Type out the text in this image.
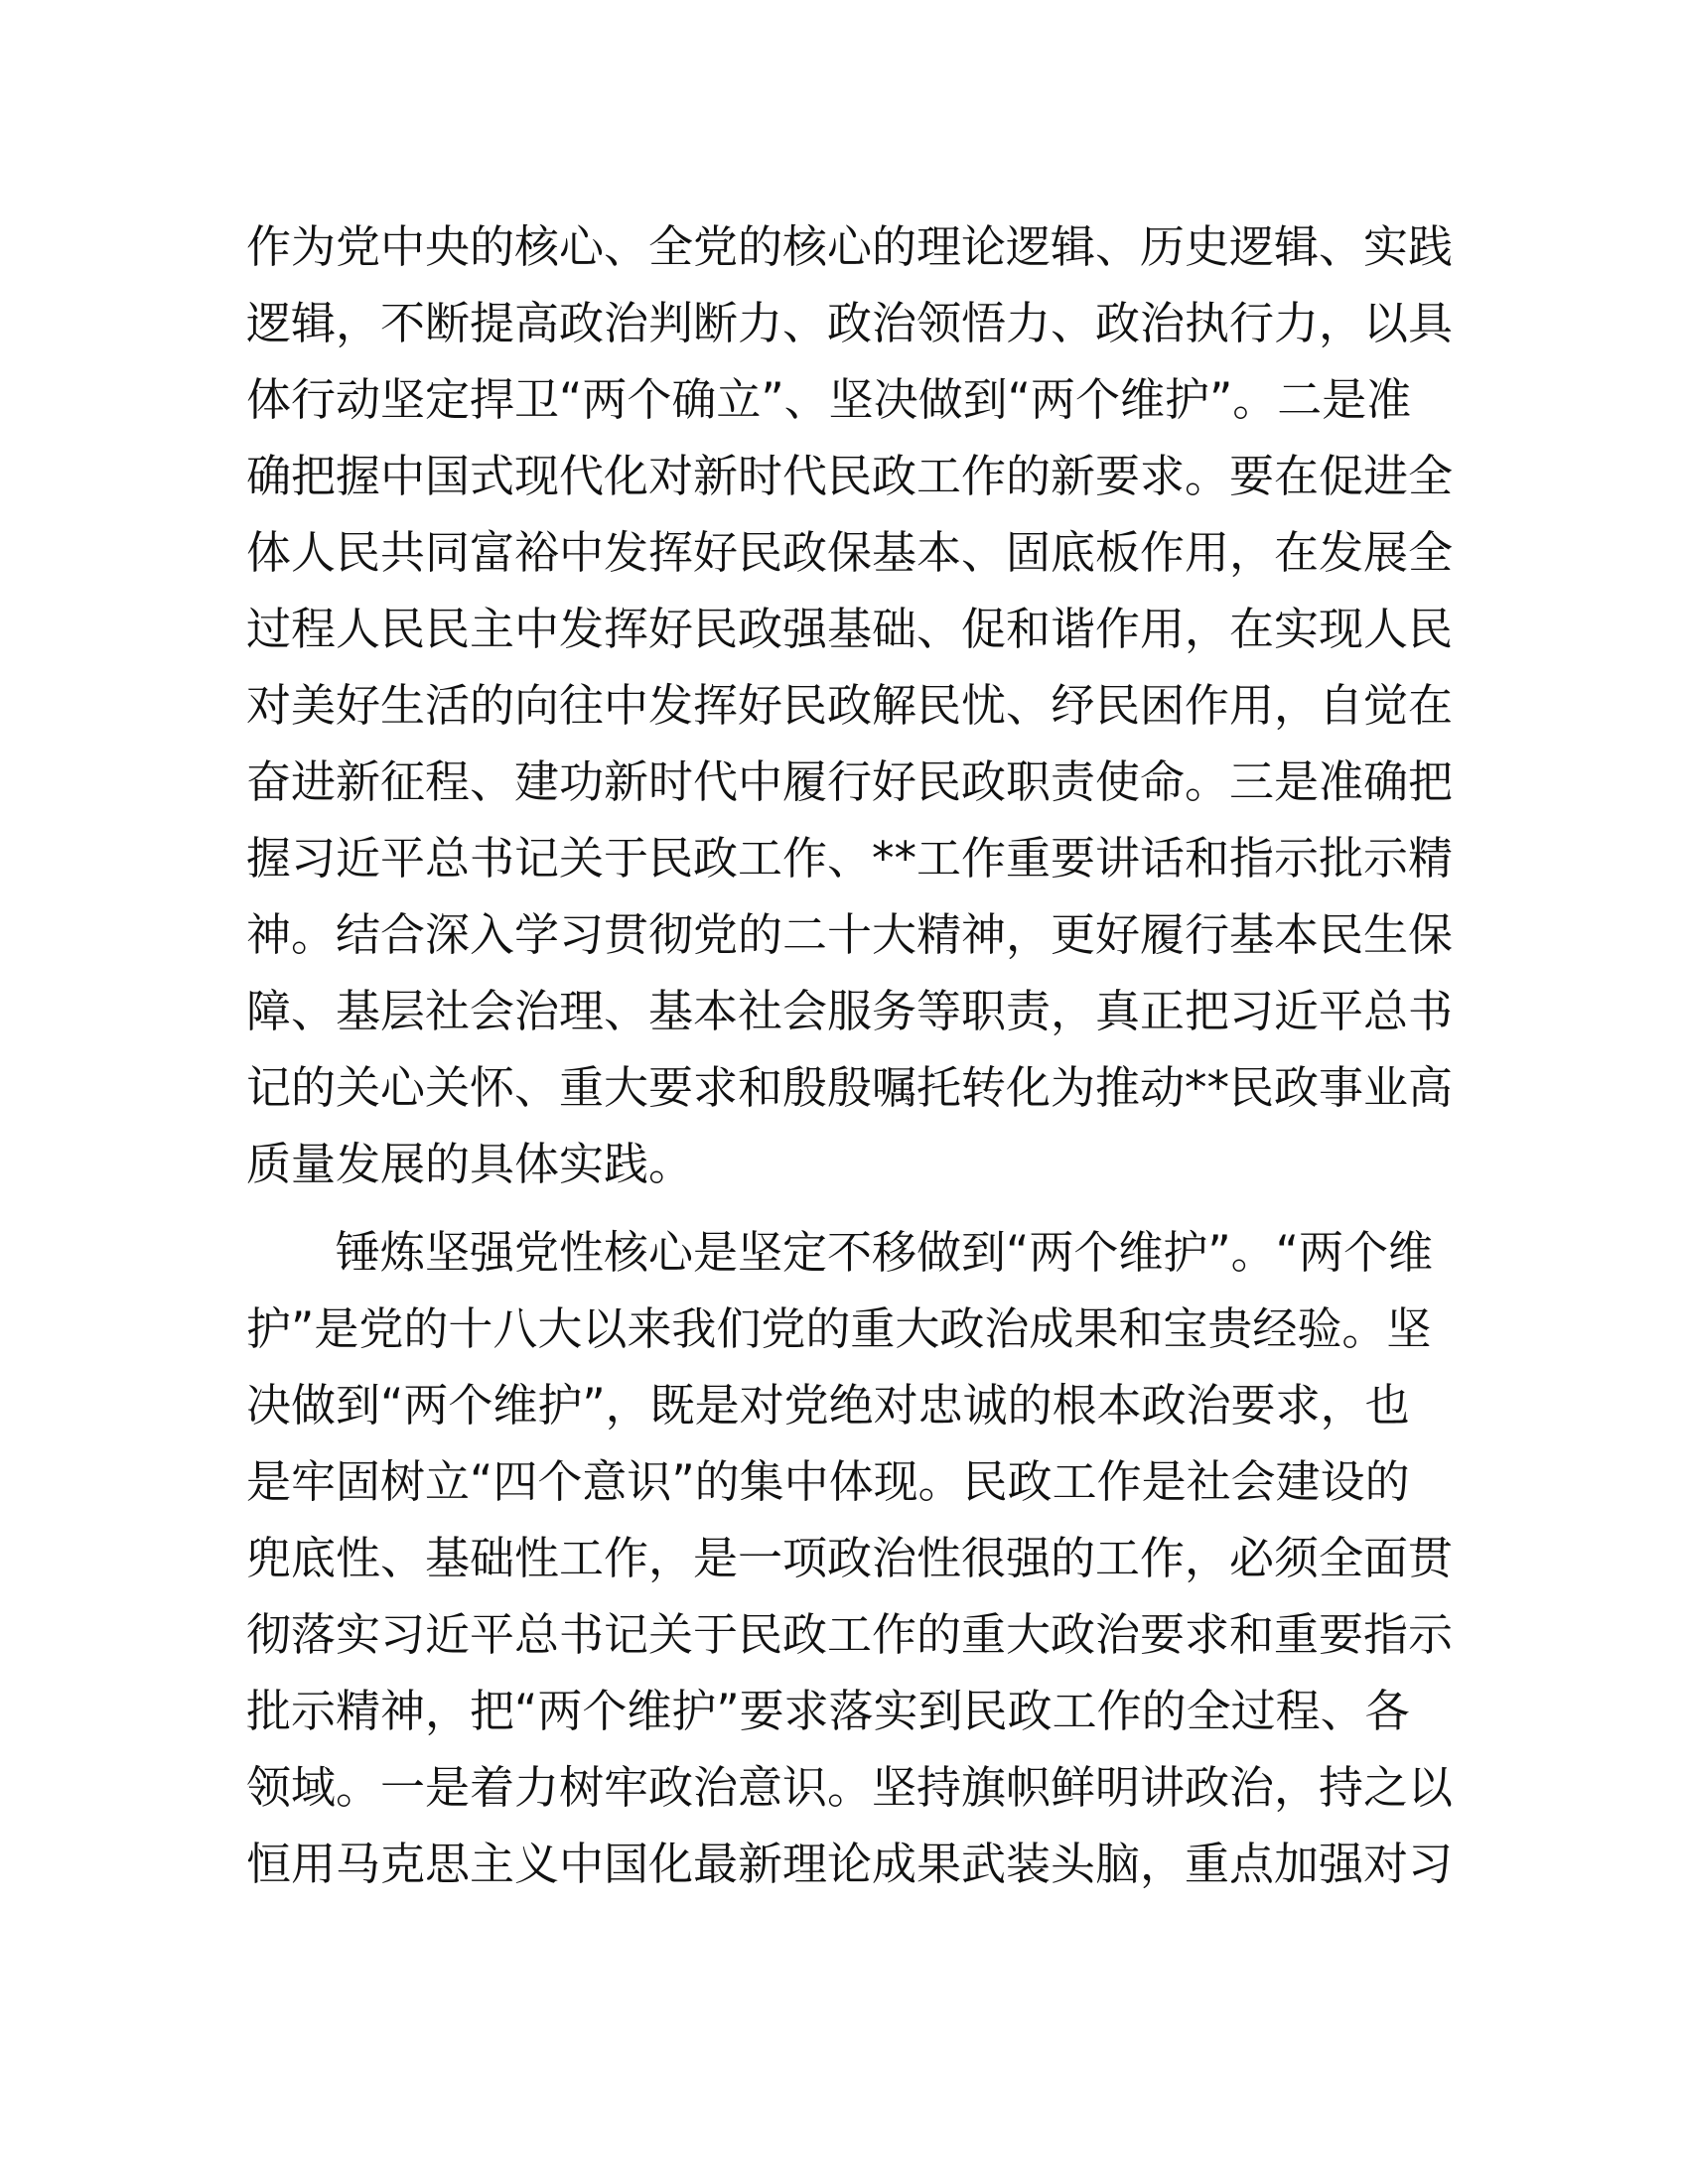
作为党中央的核心、全党的核心的理论逻辑、历史逻辑、实践
逻辑，不断提高政治判断力、政治领悟力、政治执行力，以具
体行动坚定捍卫“两个确立”、坚决做到“两个维护”。二是准
确把握中国式现代化对新时代民政工作的新要求。要在促进全
体人民共同富裕中发挥好民政保基本、固底板作用，在发展全
过程人民民主中发挥好民政强基础、促和谐作用，在实现人民
对美好生活的向往中发挥好民政解民忧、纾民困作用，自觉在
奋进新征程、建功新时代中履行好民政职责使命。三是准确把
握习近平总书记关于民政工作、**工作重要讲话和指示批示精
神。结合深入学习贯彻党的二十大精神，更好履行基本民生保
障、基层社会治理、基本社会服务等职责，真正把习近平总书
记的关心关怀、重大要求和殷殷嘱托转化为推动**民政事业高
质量发展的具体实践。
　　锤炼坚强党性核心是坚定不移做到“两个维护”。“两个维
护”是党的十八大以来我们党的重大政治成果和宝贵经验。坚
决做到“两个维护”，既是对党绝对忠诚的根本政治要求，也
是牢固树立“四个意识”的集中体现。民政工作是社会建设的
兜底性、基础性工作，是一项政治性很强的工作，必须全面贯
彻落实习近平总书记关于民政工作的重大政治要求和重要指示
批示精神，把“两个维护”要求落实到民政工作的全过程、各
领域。一是着力树牢政治意识。坚持旗帜鲜明讲政治，持之以
恒用马克思主义中国化最新理论成果武装头脑，重点加强对习
